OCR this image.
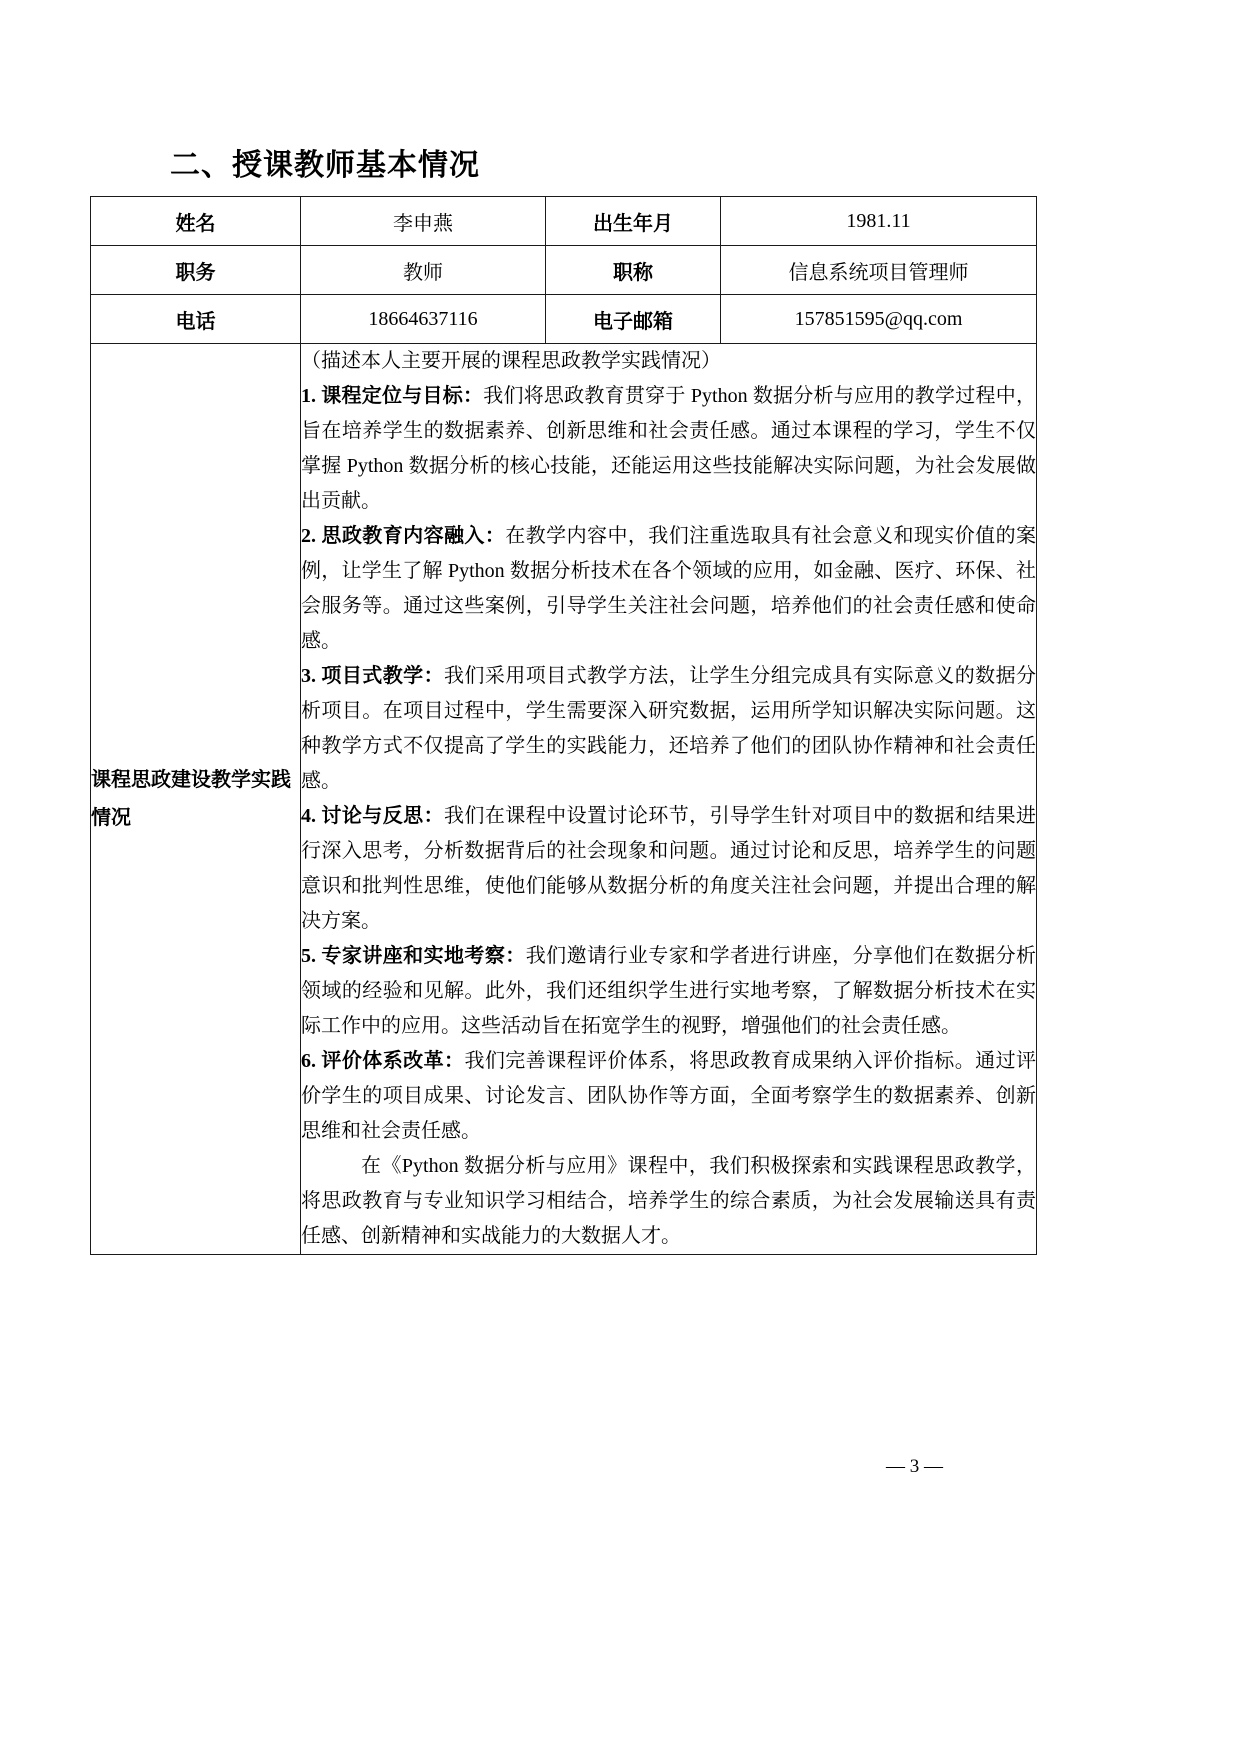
二、授课教师基本情况
姓名	李申燕	出生年月	1981.11
职务	教师	职称	信息系统项目管理师
电话	18664637116	电子邮箱	157851595@qq.com
课程思政建设教学实践情况	

（描述本人主要开展的课程思政教学实践情况）

1. 课程定位与目标：我们将思政教育贯穿于 Python 数据分析与应用的教学过程中，旨在培养学生的数据素养、创新思维和社会责任感。通过本课程的学习，学生不仅掌握 Python 数据分析的核心技能，还能运用这些技能解决实际问题，为社会发展做出贡献。

2. 思政教育内容融入：在教学内容中，我们注重选取具有社会意义和现实价值的案例，让学生了解 Python 数据分析技术在各个领域的应用，如金融、医疗、环保、社会服务等。通过这些案例，引导学生关注社会问题，培养他们的社会责任感和使命感。

3. 项目式教学：我们采用项目式教学方法，让学生分组完成具有实际意义的数据分析项目。在项目过程中，学生需要深入研究数据，运用所学知识解决实际问题。这种教学方式不仅提高了学生的实践能力，还培养了他们的团队协作精神和社会责任感。

4. 讨论与反思：我们在课程中设置讨论环节，引导学生针对项目中的数据和结果进行深入思考，分析数据背后的社会现象和问题。通过讨论和反思，培养学生的问题意识和批判性思维，使他们能够从数据分析的角度关注社会问题，并提出合理的解决方案。

5. 专家讲座和实地考察：我们邀请行业专家和学者进行讲座，分享他们在数据分析领域的经验和见解。此外，我们还组织学生进行实地考察，了解数据分析技术在实际工作中的应用。这些活动旨在拓宽学生的视野，增强他们的社会责任感。

6. 评价体系改革：我们完善课程评价体系，将思政教育成果纳入评价指标。通过评价学生的项目成果、讨论发言、团队协作等方面，全面考察学生的数据素养、创新思维和社会责任感。

在《Python 数据分析与应用》课程中，我们积极探索和实践课程思政教学，将思政教育与专业知识学习相结合，培养学生的综合素质，为社会发展输送具有责任感、创新精神和实战能力的大数据人才。

— 3 —
